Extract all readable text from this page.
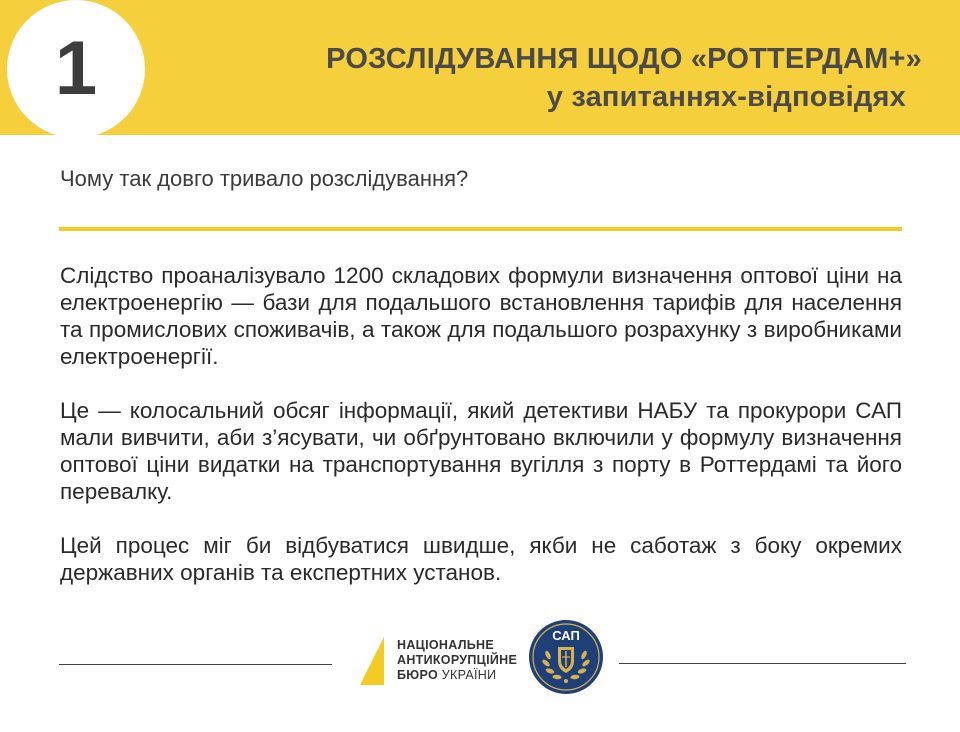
1	РОЗСЛІДУВАННЯ ЩОДО «РОТТЕРДАМ+»
у запитаннях-відповідях
Чому так довго тривало розслідування?

Слідство проаналізувало 1200 складових формули визначення оптової ціни на електроенергію — бази для подальшого встановлення тарифів для населення та промислових споживачів, а також для подальшого розрахунку з виробниками електроенергії.

Це — колосальний обсяг інформації, який детективи НАБУ та прокурори САП мали вивчити, аби з’ясувати, чи обґрунтовано включили у формулу визначення оптової ціни видатки на транспортування вугілля з порту в Роттердамі та його перевалку.

Цей процес міг би відбуватися швидше, якби не саботаж з боку окремих державних органів та експертних установ.

НАЦІОНАЛЬНЕ
АНТИКОРУПЦІЙНЕ
БЮРО УКРАЇНИ
САП
